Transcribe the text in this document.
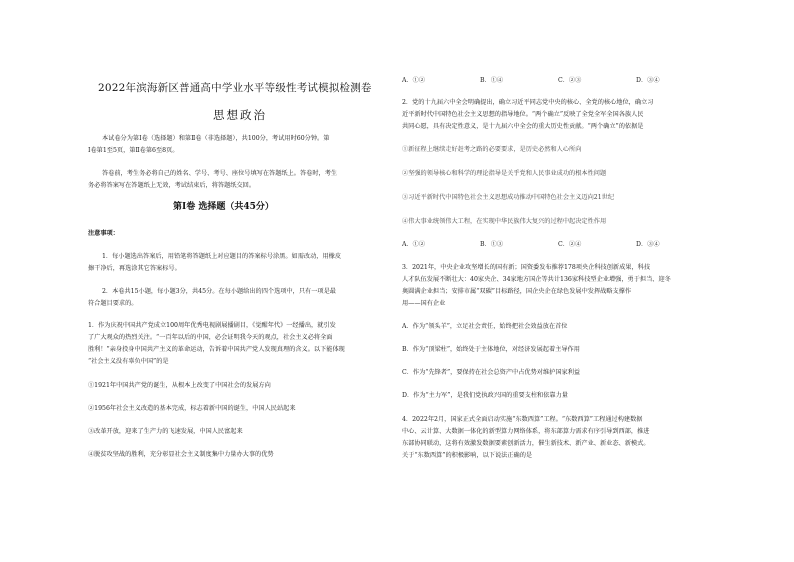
2022年滨海新区普通高中学业水平等级性考试模拟检测卷
思想政治
本试卷分为第Ⅰ卷（选择题）和第Ⅱ卷（非选择题），共100分，考试用时60分钟。第
Ⅰ卷第1至5页，第Ⅱ卷第6至8页。
答卷前，考生务必将自己的姓名、学号、考号、座位号填写在答题纸上。答卷时，考生
务必将答案写在答题纸上无效，考试结束后，将答题纸交回。
第Ⅰ卷 选择题（共45分）
注意事项：
1．每小题选出答案后，用铅笔将答题纸上对应题目的答案标号涂黑。如需改动，用橡皮
擦干净后，再选涂其它答案标号。
2．本卷共15小题，每小题3分，共45分。在每小题给出的四个选项中，只有一项是最
符合题目要求的。
1．作为庆祝中国共产党成立100周年优秀电视剧展播剧目，《觉醒年代》一经播出，就引发
了广大观众的热烈关注。“一百年以后的中国，必会证明我今天的观点，社会主义必将全面
胜利！”亲身投身中国共产主义的革命运动，告诉着中国共产党人发现真理的含义。以下能体现
“社会主义没有辜负中国”的是
①1921年中国共产党的诞生，从根本上改变了中国社会的发展方向
②1956年社会主义改造的基本完成，标志着新中国的诞生，中国人民站起来
③改革开放，迎来了生产力的飞速发展，中国人民富起来
④脱贫攻坚战的胜利，充分彰显社会主义制度集中力量办大事的优势
A．①②	B．①④	C．②③	D．③④
2．党的十九届六中全会明确提出，确立习近平同志党中央的核心、全党的核心地位，确立习
近平新时代中国特色社会主义思想的指导地位。“两个确立”反映了全党全军全国各族人民
共同心愿，具有决定性意义，是十九届六中全会的重大历史性贡献。“两个确立”的依据是
①新征程上继续走好赶考之路的必要要求，是历史必然和人心所向
②坚强的领导核心和科学的理论指导是关乎党和人民事业成功的根本性问题
③习近平新时代中国特色社会主义思想成功推动中国特色社会主义迈向21世纪
④伟大事业统领伟大工程，在实现中华民族伟大复兴的过程中起决定性作用
A．①②	B．①③	C．②④	D．③④
3．2021年，中央企业攻坚增长的国有新；国资委发布推荐178项央企科技创新成果，科技
人才队伍发展不断壮大：40家央企、34家地方国企等共计136家科技型企业增强，勇于担当、迎冬
奥圆满企业担当；安排市属“双碳”目标路径，国企央企在绿色发展中发挥战略支撑作
用——国有企业
A．作为“领头羊”，立足社会责任，始终把社会效益放在首位
B．作为“顶梁柱”，始终处于主体地位，对经济发展起着主导作用
C．作为“先锋者”，要保持在社会总资产中占优势对维护国家利益
D．作为“主力军”，是我们党执政兴国的重要支柱和依靠力量
4．2022年2月，国家正式全面启动实施“东数西算”工程。“东数西算”工程通过构建数据
中心、云计算、大数据一体化的新型算力网络体系，将东部算力需求有序引导到西部，推进
东部协同联动，这将有效激发数据要素创新活力，催生新技术、新产业、新业态、新模式。
关于“东数西算”的积极影响，以下说法正确的是
